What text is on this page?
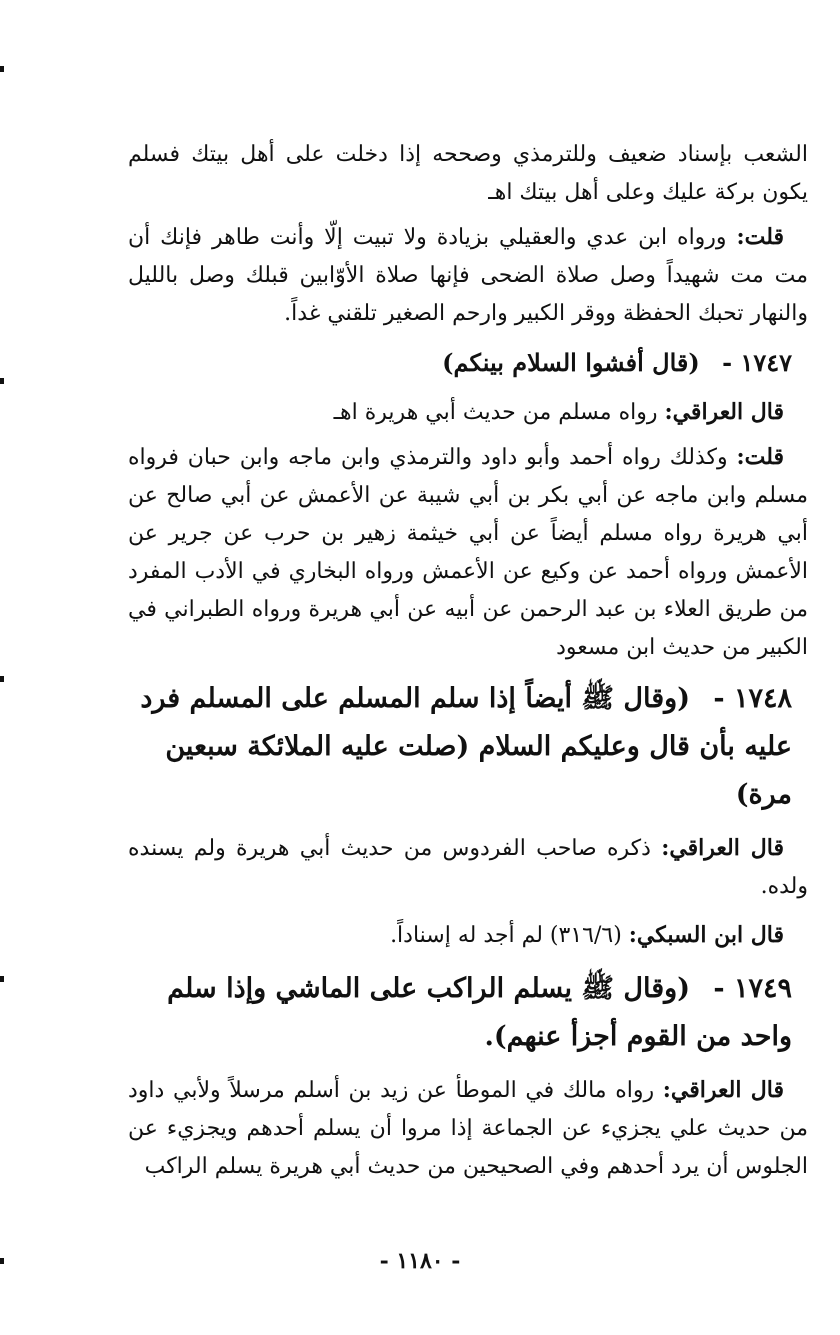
الشعب بإسناد ضعيف وللترمذي وصححه إذا دخلت على أهل بيتك فسلم يكون بركة عليك وعلى أهل بيتك اهـ

قلت: ورواه ابن عدي والعقيلي بزيادة ولا تبيت إلّا وأنت طاهر فإنك أن مت مت شهيداً وصل صلاة الضحى فإنها صلاة الأوّابين قبلك وصل بالليل والنهار تحبك الحفظة ووقر الكبير وارحم الصغير تلقني غداً.

١٧٤٧ - (قال أفشوا السلام بينكم)

قال العراقي: رواه مسلم من حديث أبي هريرة اهـ

قلت: وكذلك رواه أحمد وأبو داود والترمذي وابن ماجه وابن حبان فرواه مسلم وابن ماجه عن أبي بكر بن أبي شيبة عن الأعمش عن أبي صالح عن أبي هريرة رواه مسلم أيضاً عن أبي خيثمة زهير بن حرب عن جرير عن الأعمش ورواه أحمد عن وكيع عن الأعمش ورواه البخاري في الأدب المفرد من طريق العلاء بن عبد الرحمن عن أبيه عن أبي هريرة ورواه الطبراني في الكبير من حديث ابن مسعود

١٧٤٨ - (وقال ﷺ أيضاً إذا سلم المسلم على المسلم فرد عليه بأن قال وعليكم السلام (صلت عليه الملائكة سبعين مرة)

قال العراقي: ذكره صاحب الفردوس من حديث أبي هريرة ولم يسنده ولده.

قال ابن السبكي: (٣١٦/٦) لم أجد له إسناداً.

١٧٤٩ - (وقال ﷺ يسلم الراكب على الماشي وإذا سلم واحد من القوم أجزأ عنهم).

قال العراقي: رواه مالك في الموطأ عن زيد بن أسلم مرسلاً ولأبي داود من حديث علي يجزيء عن الجماعة إذا مروا أن يسلم أحدهم ويجزيء عن الجلوس أن يرد أحدهم وفي الصحيحين من حديث أبي هريرة يسلم الراكب

- ١١٨٠ -
